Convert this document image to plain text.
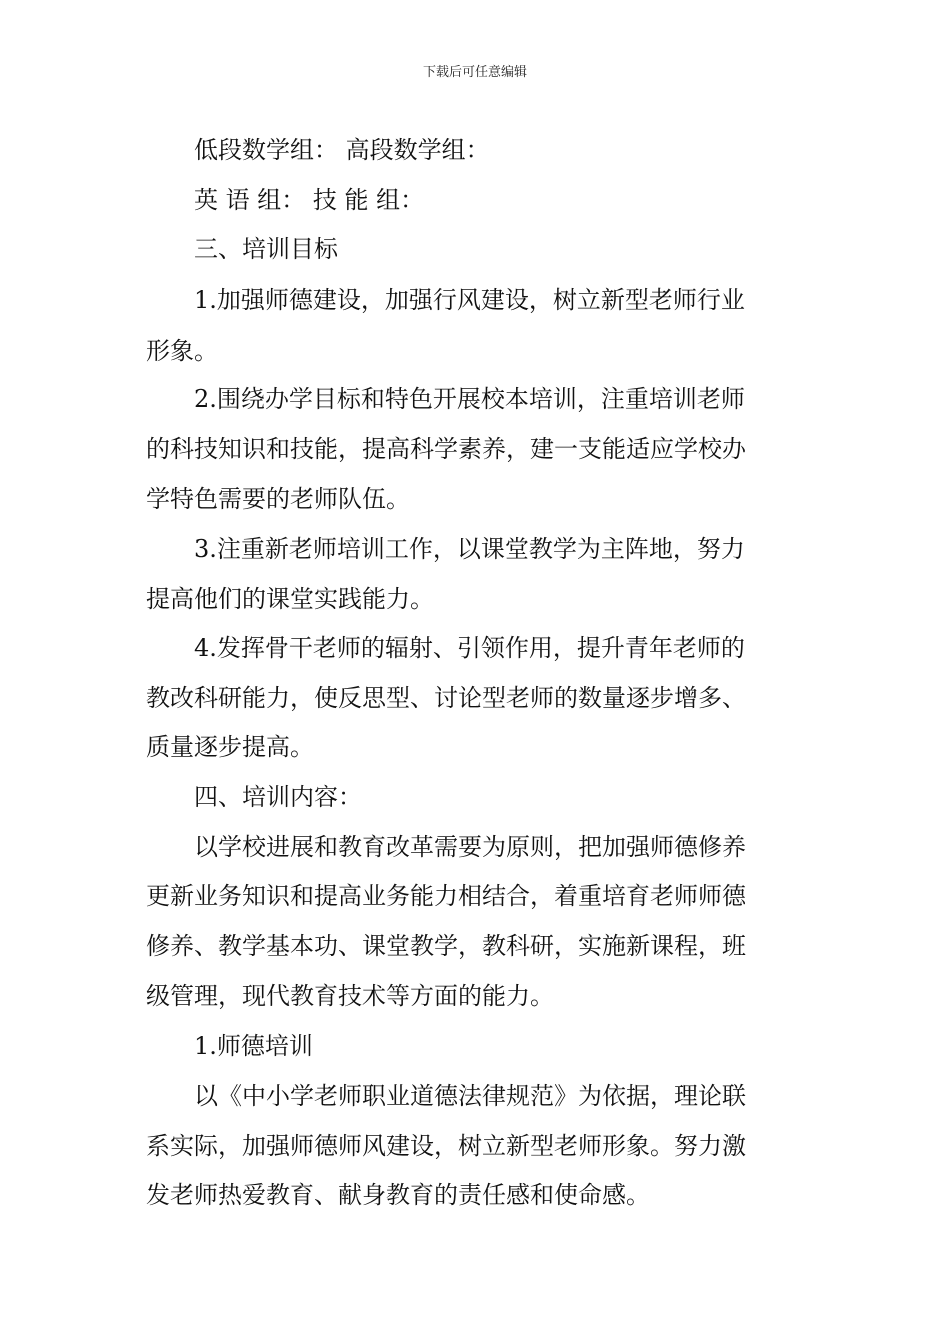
下载后可任意编辑
低段数学组： 高段数学组：
英 语 组： 技 能 组：
三、培训目标
1.加强师德建设，加强行风建设，树立新型老师行业
形象。
2.围绕办学目标和特色开展校本培训，注重培训老师
的科技知识和技能，提高科学素养，建一支能适应学校办
学特色需要的老师队伍。
3.注重新老师培训工作，以课堂教学为主阵地，努力
提高他们的课堂实践能力。
4.发挥骨干老师的辐射、引领作用，提升青年老师的
教改科研能力，使反思型、讨论型老师的数量逐步增多、
质量逐步提高。
四、培训内容：
以学校进展和教育改革需要为原则，把加强师德修养
更新业务知识和提高业务能力相结合，着重培育老师师德
修养、教学基本功、课堂教学，教科研，实施新课程，班
级管理，现代教育技术等方面的能力。
1.师德培训
以《中小学老师职业道德法律规范》为依据，理论联
系实际，加强师德师风建设，树立新型老师形象。努力激
发老师热爱教育、献身教育的责任感和使命感。
